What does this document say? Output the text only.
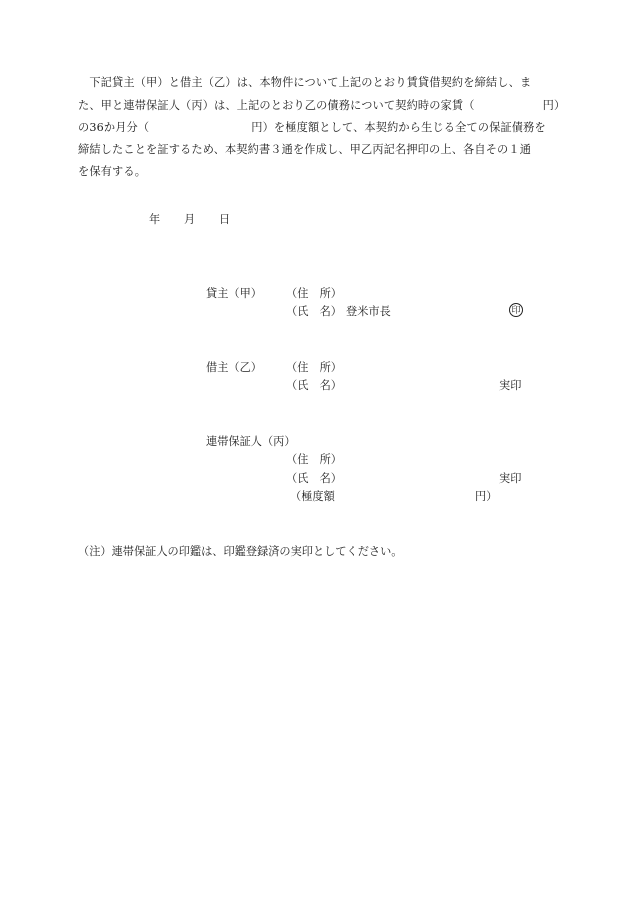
　下記貸主（甲）と借主（乙）は、本物件について上記のとおり賃貸借契約を締結し、ま
た、甲と連帯保証人（丙）は、上記のとおり乙の債務について契約時の家賃（　　　　　　円）
の36か月分（　　　　　　　　　円）を極度額として、本契約から生じる全ての保証債務を
締結したことを証するため、本契約書３通を作成し、甲乙丙記名押印の上、各自その１通
を保有する。
年 月 日
貸主（甲） （住　所）
（氏　名） 登米市長	印
借主（乙） （住　所）
（氏　名）	実印
連帯保証人（丙）
（住　所）
（氏　名）	実印
（極度額	円）
（注）連帯保証人の印鑑は、印鑑登録済の実印としてください。
